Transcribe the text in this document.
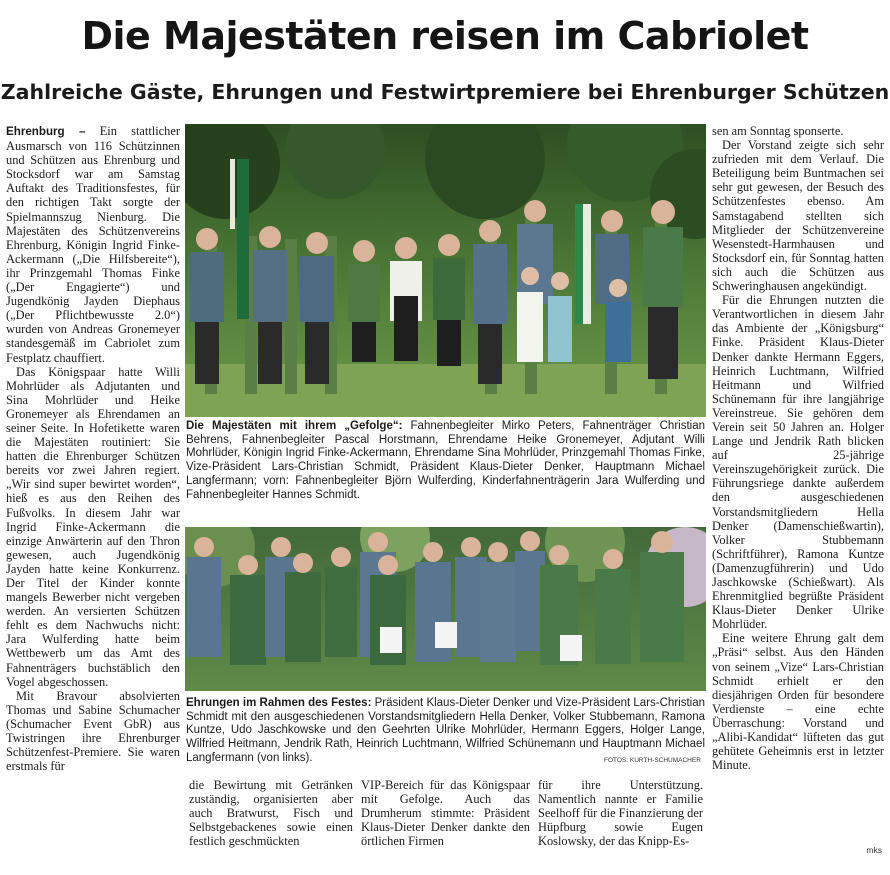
Die Majestäten reisen im Cabriolet
Zahlreiche Gäste, Ehrungen und Festwirtpremiere bei Ehrenburger Schützen

Ehrenburg – Ein stattlicher Ausmarsch von 116 Schützinnen und Schützen aus Ehrenburg und Stocksdorf war am Samstag Auftakt des Traditionsfestes, für den richtigen Takt sorgte der Spielmannszug Nienburg. Die Majestäten des Schützenvereins Ehrenburg, Königin Ingrid Finke-Ackermann („Die Hilfsbereite“), ihr Prinzgemahl Thomas Finke („Der Engagierte“) und Jugendkönig Jayden Diephaus („Der Pflichtbewusste 2.0“) wurden von Andreas Gronemeyer standesgemäß im Cabriolet zum Festplatz chauffiert.

Das Königspaar hatte Willi Mohrlüder als Adjutanten und Sina Mohrlüder und Heike Gronemeyer als Ehrendamen an seiner Seite. In Hofetikette waren die Majestäten routiniert: Sie hatten die Ehrenburger Schützen bereits vor zwei Jahren regiert. „Wir sind super bewirtet worden“, hieß es aus den Reihen des Fußvolks. In diesem Jahr war Ingrid Finke-Ackermann die einzige Anwärterin auf den Thron gewesen, auch Jugendkönig Jayden hatte keine Konkurrenz. Der Titel der Kinder konnte mangels Bewerber nicht vergeben werden. An versierten Schützen fehlt es dem Nachwuchs nicht: Jara Wulferding hatte beim Wettbewerb um das Amt des Fahnenträgers buchstäblich den Vogel abgeschossen.

Mit Bravour absolvierten Thomas und Sabine Schumacher (Schumacher Event GbR) aus Twistringen ihre Ehrenburger Schützenfest-Premiere. Sie waren erstmals für

Die Majestäten mit ihrem „Gefolge“: Fahnenbegleiter Mirko Peters, Fahnenträger Christian Behrens, Fahnenbegleiter Pascal Horstmann, Ehrendame Heike Gronemeyer, Adjutant Willi Mohrlüder, Königin Ingrid Finke-Ackermann, Ehrendame Sina Mohrlüder, Prinzgemahl Thomas Finke, Vize-Präsident Lars-Christian Schmidt, Präsident Klaus-Dieter Denker, Hauptmann Michael Langfermann; vorn: Fahnenbegleiter Björn Wulferding, Kinderfahnenträgerin Jara Wulferding und Fahnenbegleiter Hannes Schmidt.
Ehrungen im Rahmen des Festes: Präsident Klaus-Dieter Denker und Vize-Präsident Lars-Christian Schmidt mit den ausgeschiedenen Vorstandsmitgliedern Hella Denker, Volker Stubbemann, Ramona Kuntze, Udo Jaschkowske und den Geehrten Ulrike Mohrlüder, Hermann Eggers, Holger Lange, Wilfried Heitmann, Jendrik Rath, Heinrich Luchtmann, Wilfried Schünemann und Hauptmann Michael Langfermann (von links).	FOTOS: KURTH-SCHUMACHER

die Bewirtung mit Getränken zuständig, organisierten aber auch Bratwurst, Fisch und Selbstgebackenes sowie einen festlich geschmückten

VIP-Bereich für das Königspaar mit Gefolge. Auch das Drumherum stimmte: Präsident Klaus-Dieter Denker dankte den örtlichen Firmen

für ihre Unterstützung. Namentlich nannte er Familie Seelhoff für die Finanzierung der Hüpfburg sowie Eugen Koslowsky, der das Knipp-Es-

sen am Sonntag sponserte.

Der Vorstand zeigte sich sehr zufrieden mit dem Verlauf. Die Beteiligung beim Buntmachen sei sehr gut gewesen, der Besuch des Schützenfestes ebenso. Am Samstagabend stellten sich Mitglieder der Schützenvereine Wesenstedt-Harmhausen und Stocksdorf ein, für Sonntag hatten sich auch die Schützen aus Schweringhausen angekündigt.

Für die Ehrungen nutzten die Verantwortlichen in diesem Jahr das Ambiente der „Königsburg“ Finke. Präsident Klaus-Dieter Denker dankte Hermann Eggers, Heinrich Luchtmann, Wilfried Heitmann und Wilfried Schünemann für ihre langjährige Vereinstreue. Sie gehören dem Verein seit 50 Jahren an. Holger Lange und Jendrik Rath blicken auf 25-jährige Vereinszugehörigkeit zurück. Die Führungsriege dankte außerdem den ausgeschiedenen Vorstandsmitgliedern Hella Denker (Damenschießwartin), Volker Stubbemann (Schriftführer), Ramona Kuntze (Damenzugführerin) und Udo Jaschkowske (Schießwart). Als Ehrenmitglied begrüßte Präsident Klaus-Dieter Denker Ulrike Mohrlüder.

Eine weitere Ehrung galt dem „Präsi“ selbst. Aus den Händen von seinem „Vize“ Lars-Christian Schmidt erhielt er den diesjährigen Orden für besondere Verdienste – eine echte Überraschung: Vorstand und „Alibi-Kandidat“ lüfteten das gut gehütete Geheimnis erst in letzter Minute.

mks
